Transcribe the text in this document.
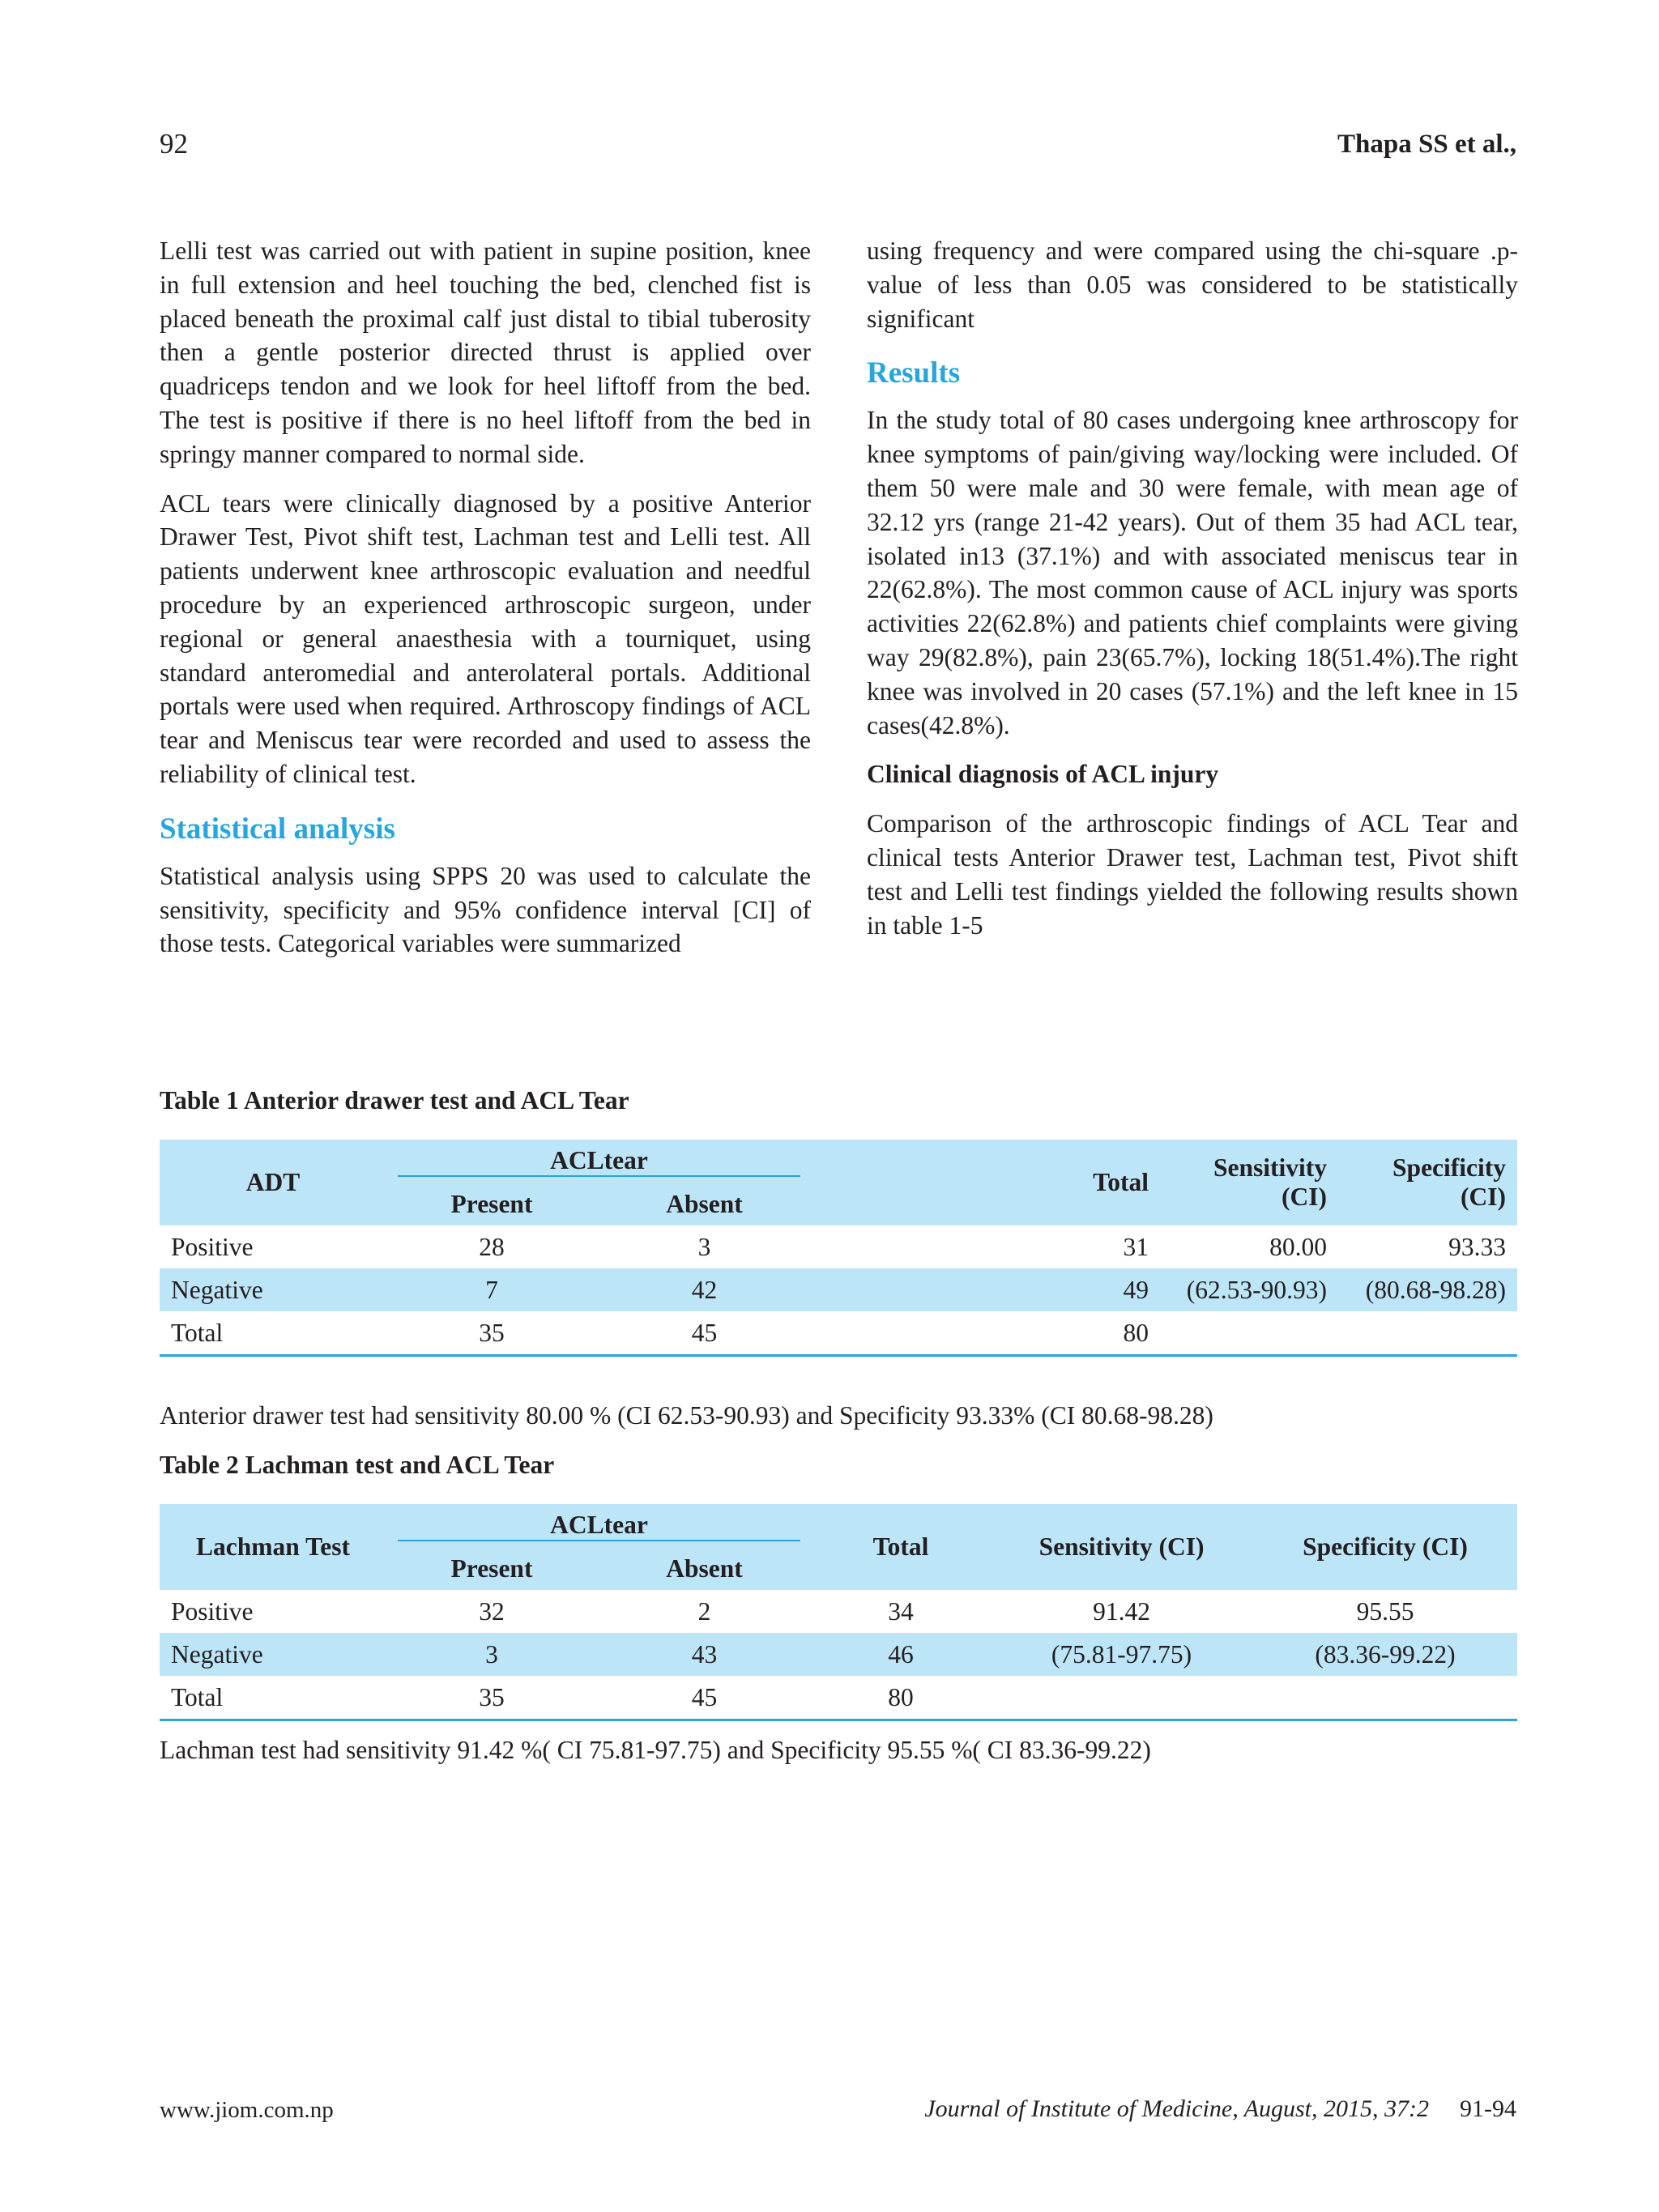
92	Thapa SS et al.,

Lelli test was carried out with patient in supine position, knee in full extension and heel touching the bed, clenched fist is placed beneath the proximal calf just distal to tibial tuberosity then a gentle posterior directed thrust is applied over quadriceps tendon and we look for heel liftoff from the bed. The test is positive if there is no heel liftoff from the bed in springy manner compared to normal side.

ACL tears were clinically diagnosed by a positive Anterior Drawer Test, Pivot shift test, Lachman test and Lelli test. All patients underwent knee arthroscopic evaluation and needful procedure by an experienced arthroscopic surgeon, under regional or general anaesthesia with a tourniquet, using standard anteromedial and anterolateral portals. Additional portals were used when required. Arthroscopy findings of ACL tear and Meniscus tear were recorded and used to assess the reliability of clinical test.

Statistical analysis

Statistical analysis using SPPS 20 was used to calculate the sensitivity, specificity and 95% confidence interval [CI] of those tests. Categorical variables were summarized

using frequency and were compared using the chi-square .p-value of less than 0.05 was considered to be statistically significant

Results

In the study total of 80 cases undergoing knee arthroscopy for knee symptoms of pain/giving way/locking were included. Of them 50 were male and 30 were female, with mean age of 32.12 yrs (range 21-42 years). Out of them 35 had ACL tear, isolated in13 (37.1%) and with associated meniscus tear in 22(62.8%). The most common cause of ACL injury was sports activities 22(62.8%) and patients chief complaints were giving way 29(82.8%), pain 23(65.7%), locking 18(51.4%).The right knee was involved in 20 cases (57.1%) and the left knee in 15 cases(42.8%).

Clinical diagnosis of ACL injury

Comparison of the arthroscopic findings of ACL Tear and clinical tests Anterior Drawer test, Lachman test, Pivot shift test and Lelli test findings yielded the following results shown in table 1-5

Table 1 Anterior drawer test and ACL Tear
ADT	ACLtear		Total	Sensitivity (CI)	Specificity (CI)
	Present	Absent			
Positive	28	3	31	80.00	93.33
Negative	7	42	49	(62.53-90.93)	(80.68-98.28)
Total	35	45	80		
Anterior drawer test had sensitivity 80.00 % (CI 62.53-90.93) and Specificity 93.33% (CI 80.68-98.28)
Table 2 Lachman test and ACL Tear
Lachman Test	ACLtear		Total	Sensitivity (CI)	Specificity (CI)
	Present	Absent			
Positive	32	2	34	91.42	95.55
Negative	3	43	46	(75.81-97.75)	(83.36-99.22)
Total	35	45	80		
Lachman test had sensitivity 91.42 %( CI 75.81-97.75) and Specificity 95.55 %( CI 83.36-99.22)
www.jiom.com.np	Journal of Institute of Medicine, August, 2015, 37:2 91-94
